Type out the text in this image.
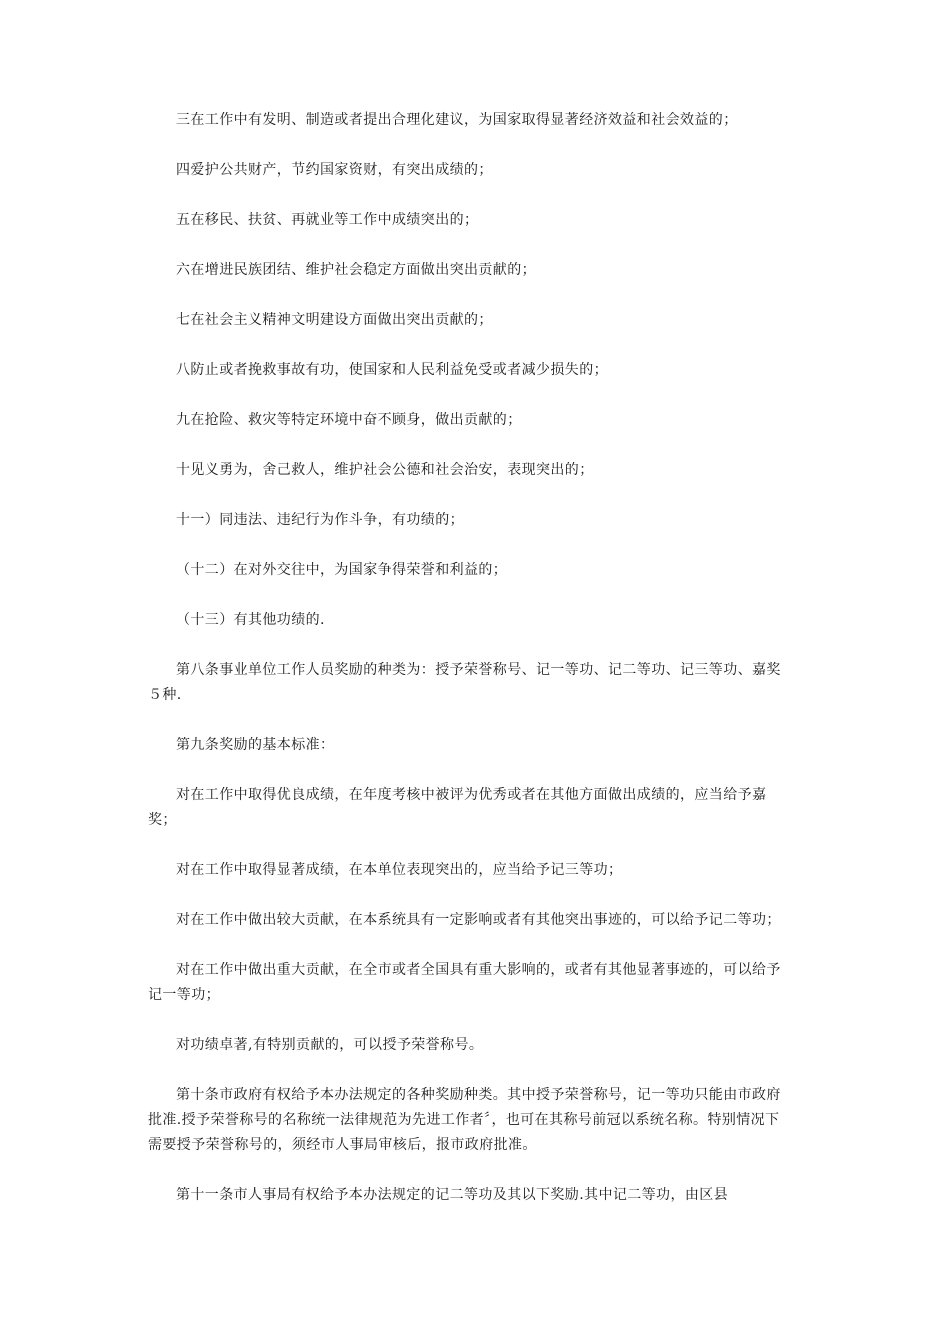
三在工作中有发明、制造或者提出合理化建议，为国家取得显著经济效益和社会效益的；

四爱护公共财产，节约国家资财，有突出成绩的；

五在移民、扶贫、再就业等工作中成绩突出的；

六在增进民族团结、维护社会稳定方面做出突出贡献的；

七在社会主义精神文明建设方面做出突出贡献的；

八防止或者挽救事故有功，使国家和人民利益免受或者减少损失的；

九在抢险、救灾等特定环境中奋不顾身，做出贡献的；

十见义勇为，舍己救人，维护社会公德和社会治安，表现突出的；

十一）同违法、违纪行为作斗争，有功绩的；

（十二）在对外交往中，为国家争得荣誉和利益的；

（十三）有其他功绩的.

第八条事业单位工作人员奖励的种类为：授予荣誉称号、记一等功、记二等功、记三等功、嘉奖５种.

第九条奖励的基本标准：

对在工作中取得优良成绩，在年度考核中被评为优秀或者在其他方面做出成绩的，应当给予嘉奖；

对在工作中取得显著成绩，在本单位表现突出的，应当给予记三等功；

对在工作中做出较大贡献，在本系统具有一定影响或者有其他突出事迹的，可以给予记二等功；

对在工作中做出重大贡献，在全市或者全国具有重大影响的，或者有其他显著事迹的，可以给予记一等功；

对功绩卓著,有特别贡献的，可以授予荣誉称号。

第十条市政府有权给予本办法规定的各种奖励种类。其中授予荣誉称号，记一等功只能由市政府批准.授予荣誉称号的名称统一法律规范为先进工作者〞，也可在其称号前冠以系统名称。特别情况下需要授予荣誉称号的，须经市人事局审核后，报市政府批准。

第十一条市人事局有权给予本办法规定的记二等功及其以下奖励.其中记二等功，由区县
